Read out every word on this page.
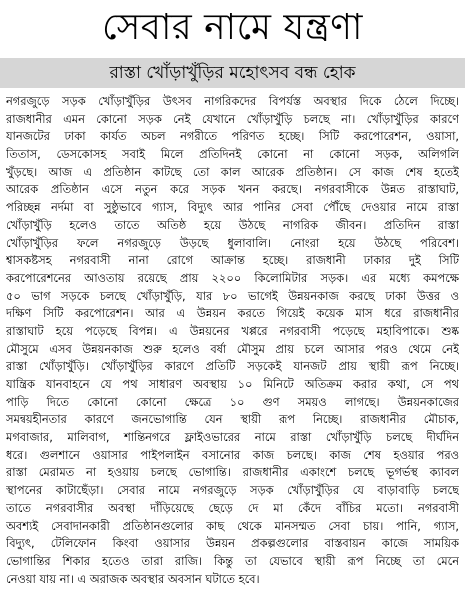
সেবার নামে যন্ত্রণা
রাস্তা খোঁড়াখুঁড়ির মহোৎসব বন্ধ হোক
নগরজুড়ে সড়ক খোঁড়াখুঁড়ির উৎসব নাগরিকদের বিপর্যস্ত অবস্থার দিকে ঠেলে দিচ্ছে।
রাজধানীর এমন কোনো সড়ক নেই যেখানে খোঁড়াখুঁড়ি চলছে না। খোঁড়াখুঁড়ির কারণে
যানজটের ঢাকা কার্যত অচল নগরীতে পরিণত হচ্ছে। সিটি করপোরেশন, ওয়াসা,
তিতাস, ডেসকোসহ সবাই মিলে প্রতিদিনই কোনো না কোনো সড়ক, অলিগলি
খুঁড়ছে। আজ এ প্রতিষ্ঠান কাটছে তো কাল আরেক প্রতিষ্ঠান। সে কাজ শেষ হতেই
আরেক প্রতিষ্ঠান এসে নতুন করে সড়ক খনন করছে। নগরবাসীকে উন্নত রাস্তাঘাট,
পরিচ্ছন্ন নর্দমা বা সুষ্ঠুভাবে গ্যাস, বিদ্যুৎ আর পানির সেবা পৌঁছে দেওয়ার নামে রাস্তা
খোঁড়াখুঁড়ি হলেও তাতে অতিষ্ঠ হয়ে উঠছে নাগরিক জীবন। প্রতিদিন রাস্তা
খোঁড়াখুঁড়ির ফলে নগরজুড়ে উড়ছে ধুলাবালি। নোংরা হয়ে উঠছে পরিবেশ।
শ্বাসকষ্টসহ নগরবাসী নানা রোগে আক্রান্ত হচ্ছে। রাজধানী ঢাকার দুই সিটি
করপোরেশনের আওতায় রয়েছে প্রায় ২২০০ কিলোমিটার সড়ক। এর মধ্যে কমপক্ষে
৫০ ভাগ সড়কে চলছে খোঁড়াখুঁড়ি, যার ৮০ ভাগেই উন্নয়নকাজ করছে ঢাকা উত্তর ও
দক্ষিণ সিটি করপোরেশন। আর এ উন্নয়ন করতে গিয়েই কয়েক মাস ধরে রাজধানীর
রাস্তাঘাট হয়ে পড়েছে বিপন্ন। এ উন্নয়নের খপ্পরে নগরবাসী পড়েছে মহাবিপাকে। শুষ্ক
মৌসুমে এসব উন্নয়নকাজ শুরু হলেও বর্ষা মৌসুম প্রায় চলে আসার পরও থেমে নেই
রাস্তা খোঁড়াখুঁড়ি। খোঁড়াখুঁড়ির কারণে প্রতিটি সড়কেই যানজট প্রায় স্থায়ী রূপ নিচ্ছে।
যান্ত্রিক যানবাহনে যে পথ সাধারণ অবস্থায় ১০ মিনিটে অতিক্রম করার কথা, সে পথ
পাড়ি দিতে কোনো কোনো ক্ষেত্রে ১০ গুণ সময়ও লাগছে। উন্নয়নকাজের
সমন্বয়হীনতার কারণে জনভোগান্তি যেন স্থায়ী রূপ নিচ্ছে। রাজধানীর মৌচাক,
মগবাজার, মালিবাগ, শান্তিনগরে ফ্লাইওভারের নামে রাস্তা খোঁড়াখুঁড়ি চলছে দীর্ঘদিন
ধরে। গুলশানে ওয়াসার পাইপলাইন বসানোর কাজ চলছে। কাজ শেষ হওয়ার পরও
রাস্তা মেরামত না হওয়ায় চলছে ভোগান্তি। রাজধানীর একাংশে চলছে ভূগর্ভস্থ ক্যাবল
স্থাপনের কাটাছেঁড়া। সেবার নামে নগরজুড়ে সড়ক খোঁড়াখুঁড়ির যে বাড়াবাড়ি চলছে
তাতে নগরবাসীর অবস্থা দাঁড়িয়েছে ছেড়ে দে মা কেঁদে বাঁচির মতো। নগরবাসী
অবশ্যই সেবাদানকারী প্রতিষ্ঠানগুলোর কাছ থেকে মানসম্মত সেবা চায়। পানি, গ্যাস,
বিদ্যুৎ, টেলিফোন কিংবা ওয়াসার উন্নয়ন প্রকল্পগুলোর বাস্তবায়ন কাজে সাময়িক
ভোগান্তির শিকার হতেও তারা রাজি। কিন্তু তা যেভাবে স্থায়ী রূপ নিচ্ছে তা মেনে
নেওয়া যায় না। এ অরাজক অবস্থার অবসান ঘটাতে হবে।
